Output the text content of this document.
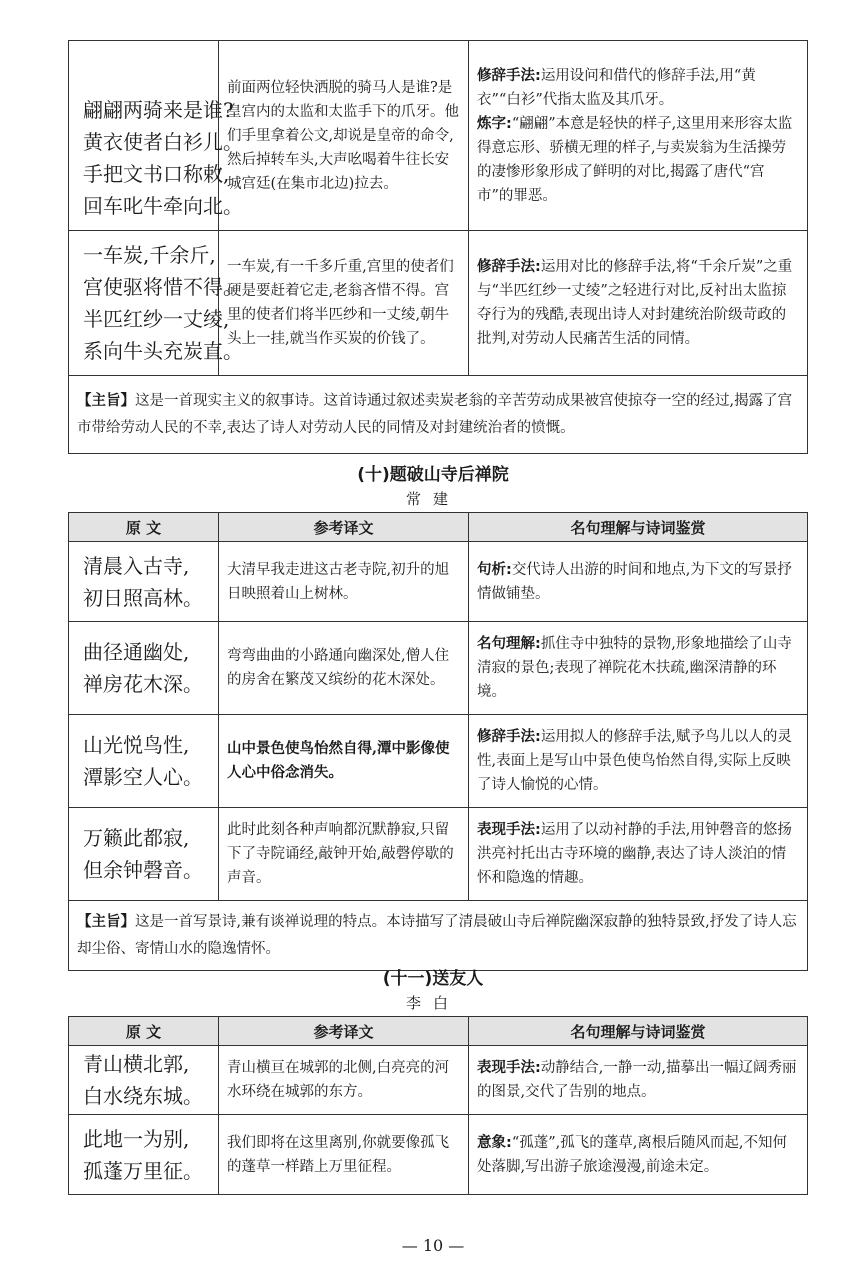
翩翩两骑来是谁?
黄衣使者白衫儿。
手把文书口称敕,
回车叱牛牵向北。	前面两位轻快洒脱的骑马人是谁?是皇宫内的太监和太监手下的爪牙。他们手里拿着公文,却说是皇帝的命令,然后掉转车头,大声吆喝着牛往长安城宫廷(在集市北边)拉去。	修辞手法:运用设问和借代的修辞手法,用“黄衣”“白衫”代指太监及其爪牙。
炼字:“翩翩”本意是轻快的样子,这里用来形容太监得意忘形、骄横无理的样子,与卖炭翁为生活操劳的凄惨形象形成了鲜明的对比,揭露了唐代“宫市”的罪恶。

一车炭,千余斤,
宫使驱将惜不得。
半匹红纱一丈绫,
系向牛头充炭直。	一车炭,有一千多斤重,宫里的使者们硬是要赶着它走,老翁吝惜不得。宫里的使者们将半匹纱和一丈绫,朝牛头上一挂,就当作买炭的价钱了。	修辞手法:运用对比的修辞手法,将“千余斤炭”之重与“半匹红纱一丈绫”之轻进行对比,反衬出太监掠夺行为的残酷,表现出诗人对封建统治阶级苛政的批判,对劳动人民痛苦生活的同情。
【主旨】这是一首现实主义的叙事诗。这首诗通过叙述卖炭老翁的辛苦劳动成果被宫使掠夺一空的经过,揭露了宫市带给劳动人民的不幸,表达了诗人对劳动人民的同情及对封建统治者的愤慨。		
(十)题破山寺后禅院
常建
原 文	参考译文	名句理解与诗词鉴赏

清晨入古寺,
初日照高林。	大清早我走进这古老寺院,初升的旭日映照着山上树林。	句析:交代诗人出游的时间和地点,为下文的写景抒情做铺垫。

曲径通幽处,
禅房花木深。	弯弯曲曲的小路通向幽深处,僧人住的房舍在繁茂又缤纷的花木深处。	名句理解:抓住寺中独特的景物,形象地描绘了山寺清寂的景色;表现了禅院花木扶疏,幽深清静的环境。

山光悦鸟性,
潭影空人心。	山中景色使鸟怡然自得,潭中影像使人心中俗念消失。	修辞手法:运用拟人的修辞手法,赋予鸟儿以人的灵性,表面上是写山中景色使鸟怡然自得,实际上反映了诗人愉悦的心情。

万籁此都寂,
但余钟磬音。	此时此刻各种声响都沉默静寂,只留下了寺院诵经,敲钟开始,敲磬停歇的声音。	表现手法:运用了以动衬静的手法,用钟磬音的悠扬洪亮衬托出古寺环境的幽静,表达了诗人淡泊的情怀和隐逸的情趣。
【主旨】这是一首写景诗,兼有谈禅说理的特点。本诗描写了清晨破山寺后禅院幽深寂静的独特景致,抒发了诗人忘却尘俗、寄情山水的隐逸情怀。		
(十一)送友人
李白
原 文	参考译文	名句理解与诗词鉴赏

青山横北郭,
白水绕东城。	青山横亘在城郭的北侧,白亮亮的河水环绕在城郭的东方。	表现手法:动静结合,一静一动,描摹出一幅辽阔秀丽的图景,交代了告别的地点。

此地一为别,
孤蓬万里征。	我们即将在这里离别,你就要像孤飞的蓬草一样踏上万里征程。	意象:“孤蓬”,孤飞的蓬草,离根后随风而起,不知何处落脚,写出游子旅途漫漫,前途未定。
— 10 —
